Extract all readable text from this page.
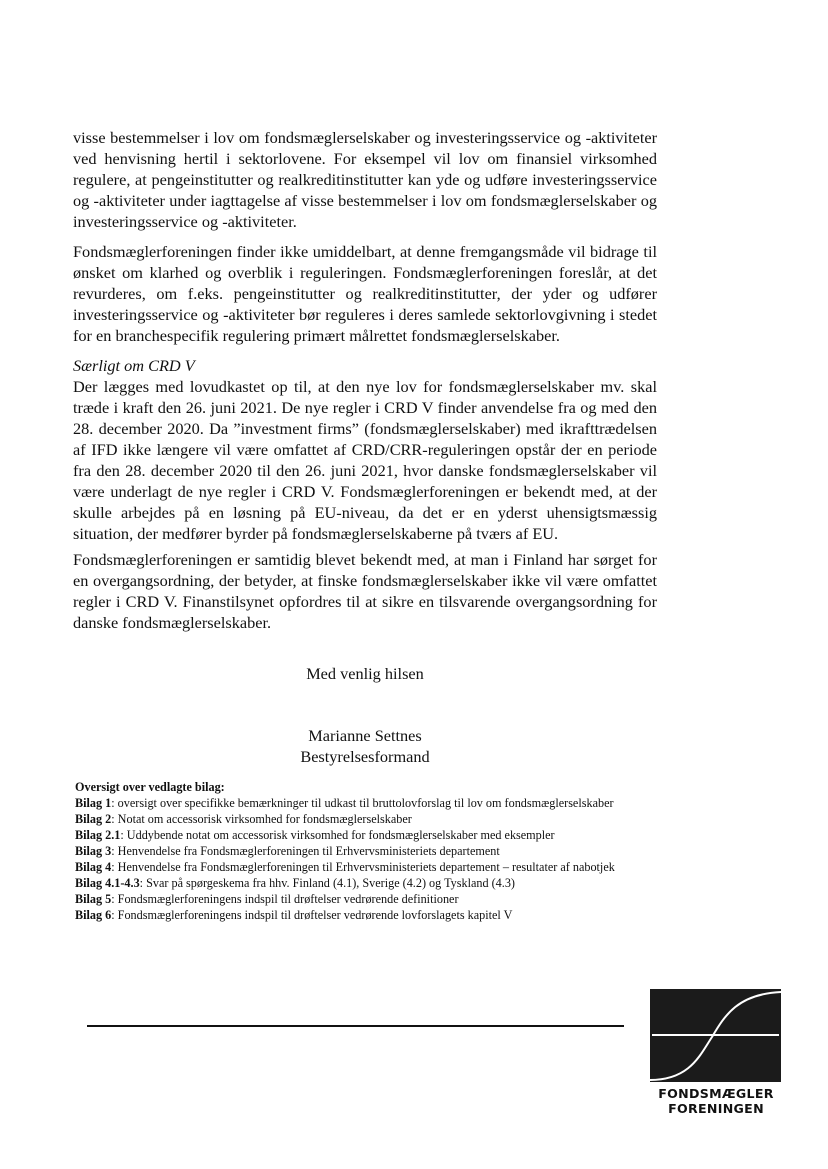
visse bestemmelser i lov om fondsmæglerselskaber og investeringsservice og -aktiviteter ved henvisning hertil i sektorlovene. For eksempel vil lov om finansiel virksomhed regulere, at pengeinstitutter og realkreditinstitutter kan yde og udføre investeringsservice og -aktiviteter under iagttagelse af visse bestemmelser i lov om fondsmæglerselskaber og investeringsservice og -aktiviteter.

Fondsmæglerforeningen finder ikke umiddelbart, at denne fremgangsmåde vil bidrage til ønsket om klarhed og overblik i reguleringen. Fondsmæglerforeningen foreslår, at det revurderes, om f.eks. pengeinstitutter og realkreditinstitutter, der yder og udfører investeringsservice og -aktiviteter bør reguleres i deres samlede sektorlovgivning i stedet for en branchespecifik regulering primært målrettet fondsmæglerselskaber.

Særligt om CRD V

Der lægges med lovudkastet op til, at den nye lov for fondsmæglerselskaber mv. skal træde i kraft den 26. juni 2021. De nye regler i CRD V finder anvendelse fra og med den 28. december 2020. Da ”investment firms” (fondsmæglerselskaber) med ikrafttrædelsen af IFD ikke længere vil være omfattet af CRD/CRR-reguleringen opstår der en periode fra den 28. december 2020 til den 26. juni 2021, hvor danske fondsmæglerselskaber vil være underlagt de nye regler i CRD V. Fondsmæglerforeningen er bekendt med, at der skulle arbejdes på en løsning på EU-niveau, da det er en yderst uhensigtsmæssig situation, der medfører byrder på fondsmæglerselskaberne på tværs af EU.

Fondsmæglerforeningen er samtidig blevet bekendt med, at man i Finland har sørget for en overgangsordning, der betyder, at finske fondsmæglerselskaber ikke vil være omfattet regler i CRD V. Finanstilsynet opfordres til at sikre en tilsvarende overgangsordning for danske fondsmæglerselskaber.

Med venlig hilsen
Marianne Settnes
Bestyrelsesformand
Oversigt over vedlagte bilag:
Bilag 1: oversigt over specifikke bemærkninger til udkast til bruttolovforslag til lov om fondsmæglerselskaber
Bilag 2: Notat om accessorisk virksomhed for fondsmæglerselskaber
Bilag 2.1: Uddybende notat om accessorisk virksomhed for fondsmæglerselskaber med eksempler
Bilag 3: Henvendelse fra Fondsmæglerforeningen til Erhvervsministeriets departement
Bilag 4: Henvendelse fra Fondsmæglerforeningen til Erhvervsministeriets departement – resultater af nabotjek
Bilag 4.1-4.3: Svar på spørgeskema fra hhv. Finland (4.1), Sverige (4.2) og Tyskland (4.3)
Bilag 5: Fondsmæglerforeningens indspil til drøftelser vedrørende definitioner
Bilag 6: Fondsmæglerforeningens indspil til drøftelser vedrørende lovforslagets kapitel V
FONDSMÆGLER
FORENINGEN
